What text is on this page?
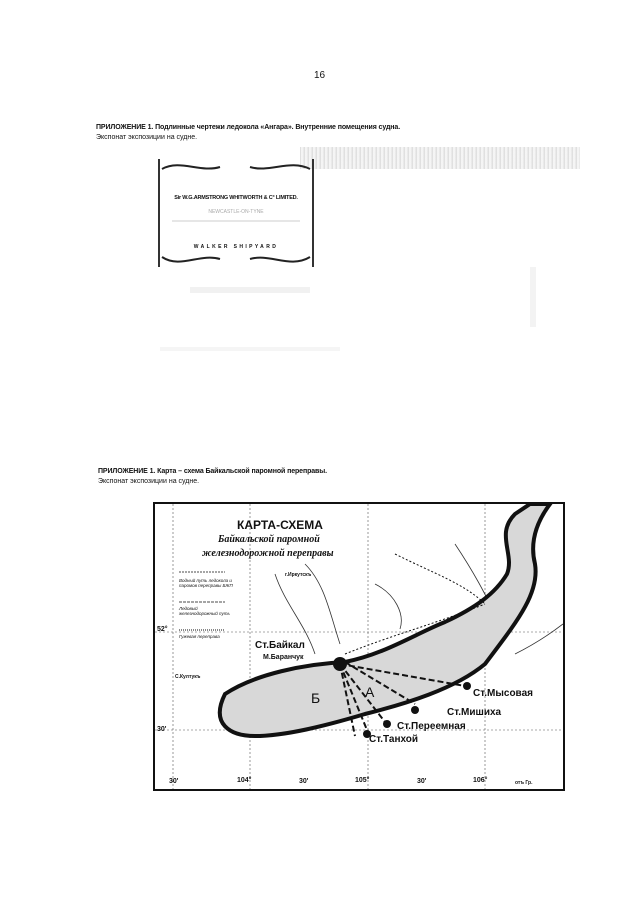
16
ПРИЛОЖЕНИЕ 1. Подлинные чертежи ледокола «Ангара». Внутренние помещения судна.
Экспонат экспозиции на судне.
Sir W.G.ARMSTRONG WHITWORTH & C° LIMITED.
NEWCASTLE-ON-TYNE
WALKER SHIPYARD
ПРИЛОЖЕНИЕ 1. Карта – схема Байкальской паромной переправы.
Экспонат экспозиции на судне.
КАРТА-СХЕМА
Байкальской паромной
железнодорожной переправы
Водный путь ледокола и паромов переправы БЖП
Ледовый железнодорожный путь
Гужевая переправа
г.Иркутскъ
С.Култукъ
Ст.Байкал
М.Баранчук
Ст.Мысовая
Ст.Мишиха
Ст.Переемная
Ст.Танхой
Б	А
52°
30'
30'	104°	30'	105°	30'	106°	отъ Гр.
